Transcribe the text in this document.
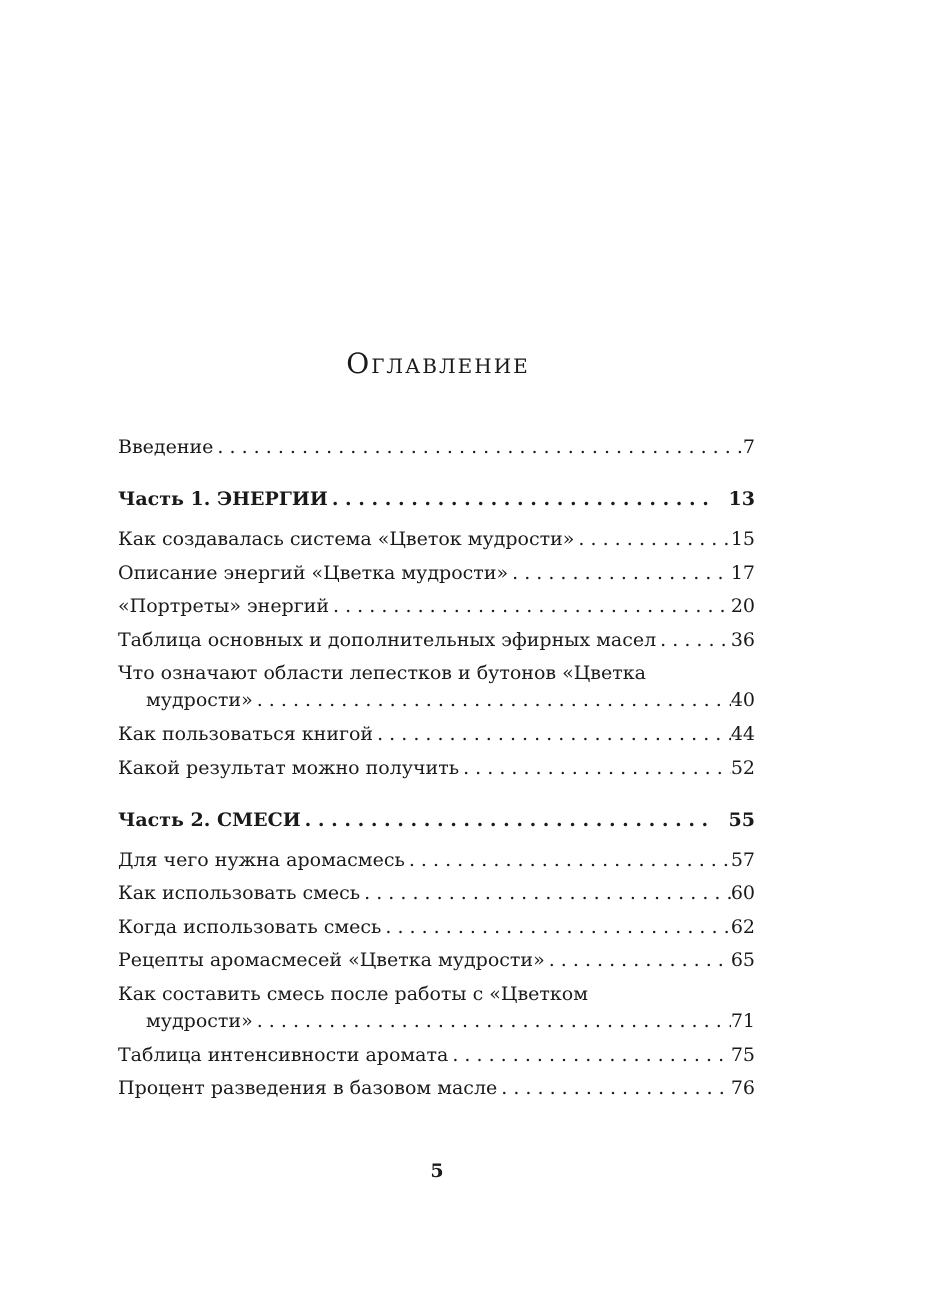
Оглавление
Введение . . .	7
Часть 1. ЭНЕРГИИ . . .	13
Как создавалась система «Цветок мудрости» . . .	15
Описание энергий «Цветка мудрости» . . .	17
«Портреты» энергий . . .	20
Таблица основных и дополнительных эфирных масел . . .	36
Что означают области лепестков и бутонов «Цветка
мудрости» . . .	40
Как пользоваться книгой . . .	44
Какой результат можно получить . . .	52
Часть 2. СМЕСИ . . .	55
Для чего нужна аромасмесь . . .	57
Как использовать смесь . . .	60
Когда использовать смесь . . .	62
Рецепты аромасмесей «Цветка мудрости» . . .	65
Как составить смесь после работы с «Цветком
мудрости» . . .	71
Таблица интенсивности аромата . . .	75
Процент разведения в базовом масле . . .	76
5
